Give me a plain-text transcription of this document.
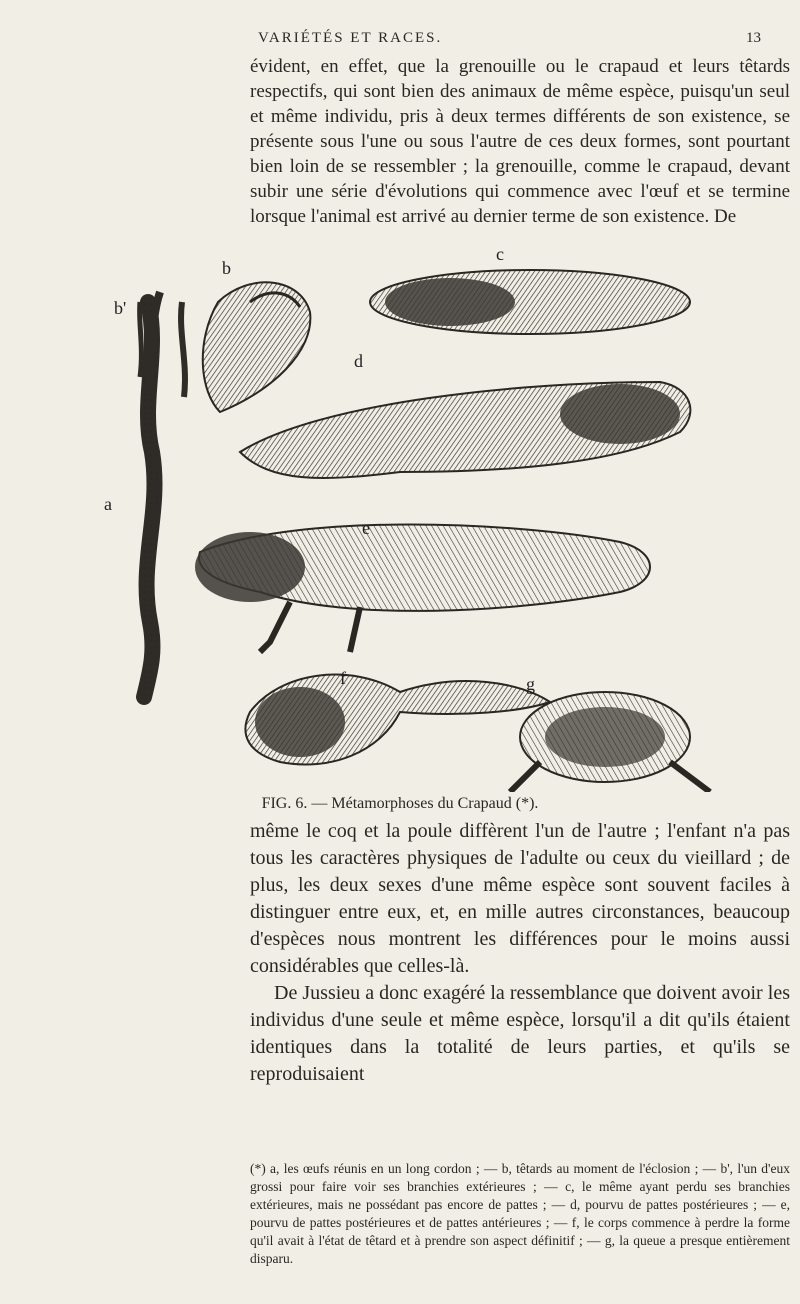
VARIÉTÉS ET RACES.	13

évident, en effet, que la grenouille ou le crapaud et leurs têtards respectifs, qui sont bien des animaux de même espèce, puisqu'un seul et même individu, pris à deux termes différents de son existence, se présente sous l'une ou sous l'autre de ces deux formes, sont pourtant bien loin de se ressembler ; la grenouille, comme le crapaud, devant subir une série d'évolutions qui commence avec l'œuf et se termine lorsque l'animal est arrivé au dernier terme de son existence. De

b'
b
c
d
a
e
f	g
FIG. 6. — Métamorphoses du Crapaud (*).

même le coq et la poule diffèrent l'un de l'autre ; l'enfant n'a pas tous les caractères physiques de l'adulte ou ceux du vieillard ; de plus, les deux sexes d'une même espèce sont souvent faciles à distinguer entre eux, et, en mille autres circonstances, beaucoup d'espèces nous montrent les différences pour le moins aussi considérables que celles-là.

De Jussieu a donc exagéré la ressemblance que doivent avoir les individus d'une seule et même espèce, lorsqu'il a dit qu'ils étaient identiques dans la totalité de leurs parties, et qu'ils se reproduisaient

(*) a, les œufs réunis en un long cordon ; — b, têtards au moment de l'éclosion ; — b', l'un d'eux grossi pour faire voir ses branchies extérieures ; — c, le même ayant perdu ses branchies extérieures, mais ne possédant pas encore de pattes ; — d, pourvu de pattes postérieures ; — e, pourvu de pattes postérieures et de pattes antérieures ; — f, le corps commence à perdre la forme qu'il avait à l'état de têtard et à prendre son aspect définitif ; — g, la queue a presque entièrement disparu.
